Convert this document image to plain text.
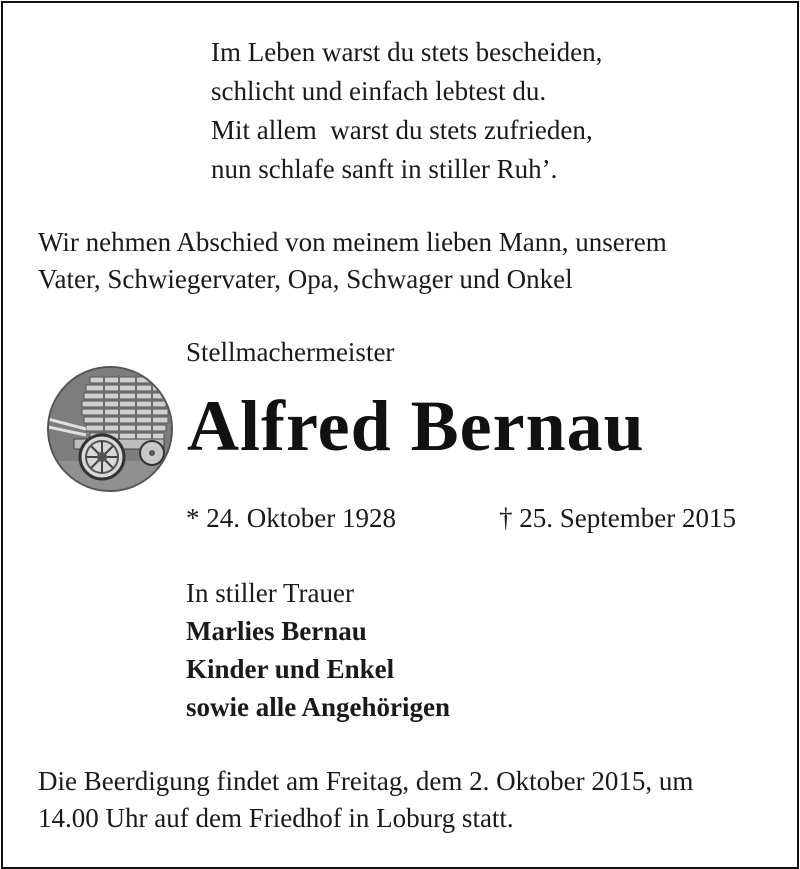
Im Leben warst du stets bescheiden,
schlicht und einfach lebtest du.
Mit allem  warst du stets zufrieden,
nun schlafe sanft in stiller Ruh’.
Wir nehmen Abschied von meinem lieben Mann, unserem
Vater, Schwiegervater, Opa, Schwager und Onkel
Stellmachermeister
Alfred Bernau
* 24. Oktober 1928	† 25. September 2015
In stiller Trauer
Marlies Bernau
Kinder und Enkel
sowie alle Angehörigen
Die Beerdigung findet am Freitag, dem 2. Oktober 2015, um
14.00 Uhr auf dem Friedhof in Loburg statt.
